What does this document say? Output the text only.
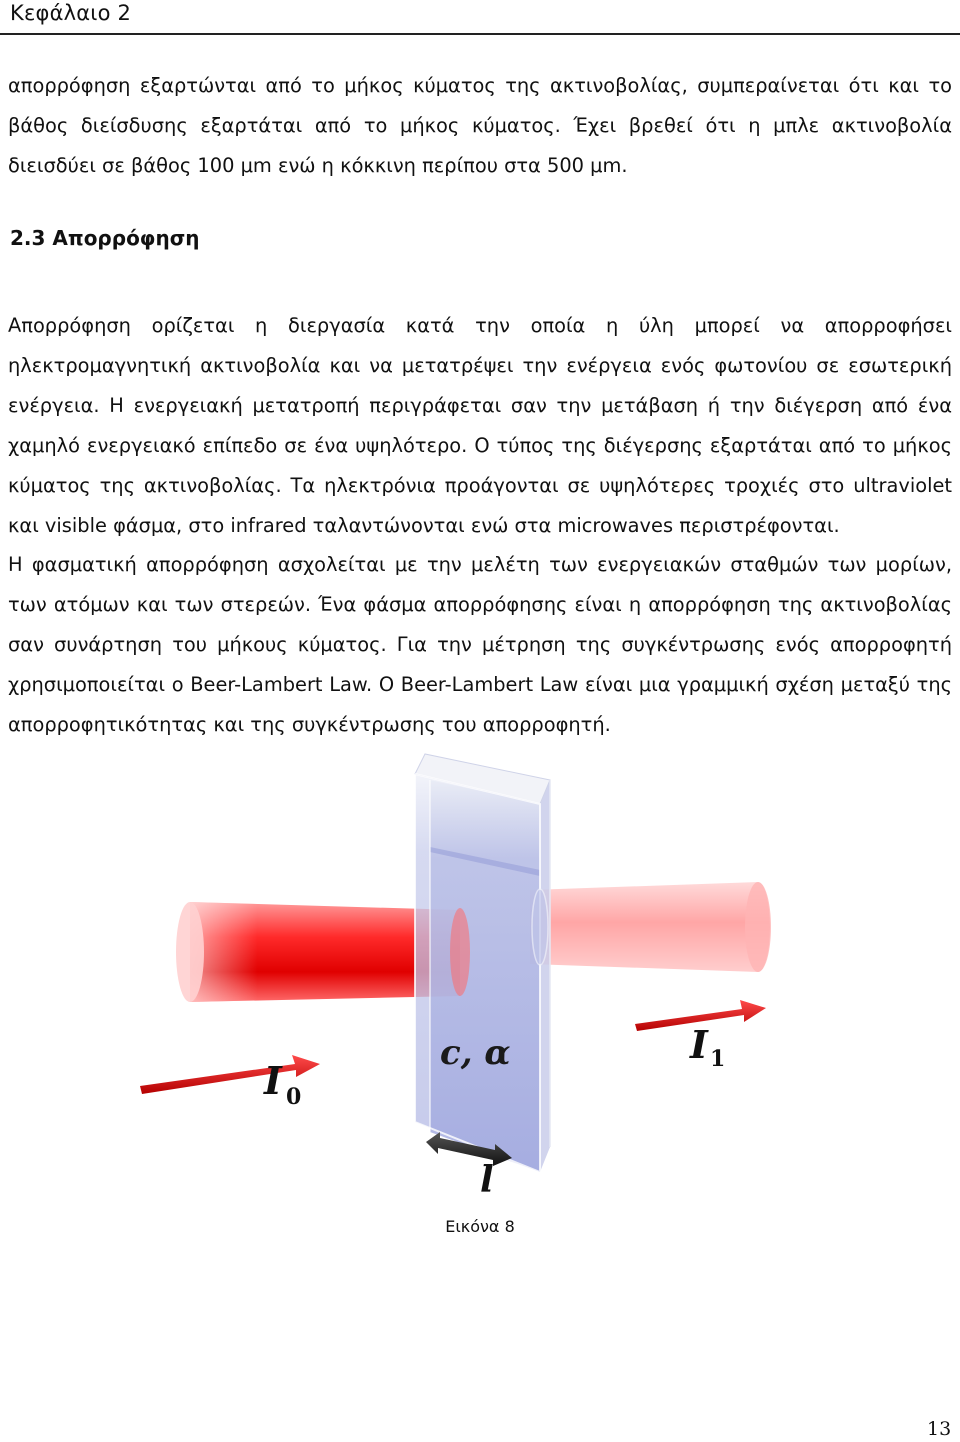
Κεφάλαιο 2
απορρόφηση εξαρτώνται από το μήκος κύματος της ακτινοβολίας, συμπεραίνεται ότι και το βάθος διείσδυσης εξαρτάται από το μήκος κύματος. Έχει βρεθεί ότι η μπλε ακτινοβολία διεισδύει σε βάθος 100 μm ενώ η κόκκινη περίπου στα 500 μm.
2.3 Απορρόφηση
Απορρόφηση ορίζεται η διεργασία κατά την οποία η ύλη μπορεί να απορροφήσει ηλεκτρομαγνητική ακτινοβολία και να μετατρέψει την ενέργεια ενός φωτονίου σε εσωτερική ενέργεια. Η ενεργειακή μετατροπή περιγράφεται σαν την μετάβαση ή την διέγερση από ένα χαμηλό ενεργειακό επίπεδο σε ένα υψηλότερο. Ο τύπος της διέγερσης εξαρτάται από το μήκος κύματος της ακτινοβολίας. Τα ηλεκτρόνια προάγονται σε υψηλότερες τροχιές στο ultraviolet και visible φάσμα, στο infrared ταλαντώνονται ενώ στα microwaves περιστρέφονται.
Η φασματική απορρόφηση ασχολείται με την μελέτη των ενεργειακών σταθμών των μορίων, των ατόμων και των στερεών. Ένα φάσμα απορρόφησης είναι η απορρόφηση της ακτινοβολίας σαν συνάρτηση του μήκους κύματος. Για την μέτρηση της συγκέντρωσης ενός απορροφητή χρησιμοποιείται ο Beer-Lambert Law. O Beer-Lambert Law είναι μια γραμμική σχέση μεταξύ της απορροφητικότητας και της συγκέντρωσης του απορροφητή.
I 0
I 1
c, α
l
Εικόνα 8
13
